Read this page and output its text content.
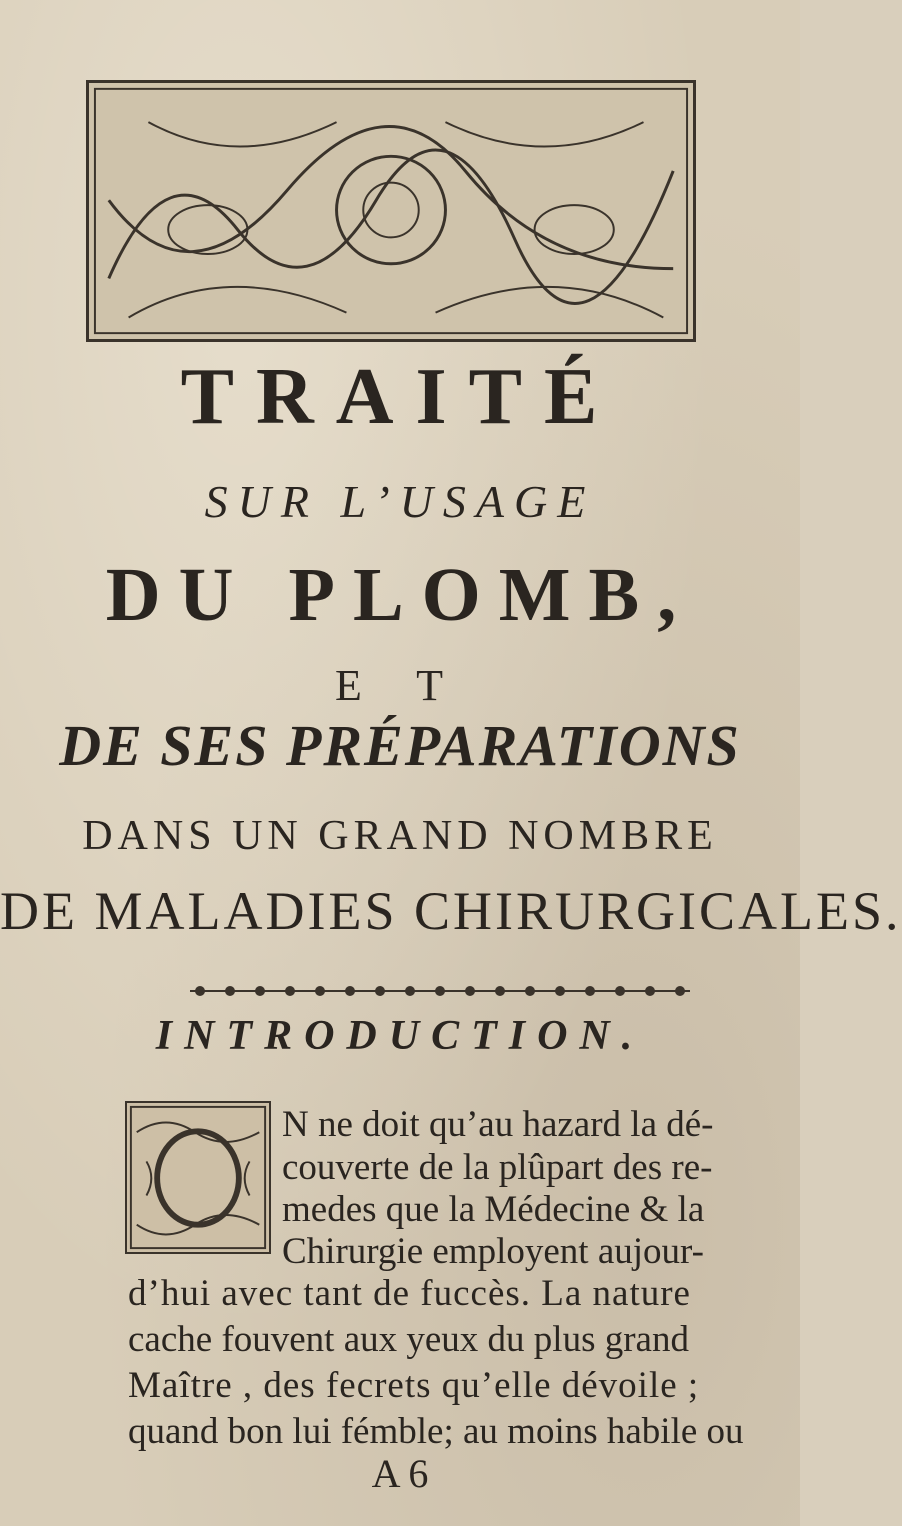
TRAITÉ
SUR L’USAGE
DU PLOMB,
E T
DE SES PRÉPARATIONS
DANS UN GRAND NOMBRE
DE MALADIES CHIRURGICALES.
INTRODUCTION.
N ne doit qu’au hazard la dé-
couverte de la plûpart des re-
medes que la Médecine & la
Chirurgie employent aujour-
d’hui avec tant de fuccès. La nature
cache fouvent aux yeux du plus grand
Maître , des fecrets qu’elle dévoile ;
quand bon lui fémble; au moins habile ou
A 6
